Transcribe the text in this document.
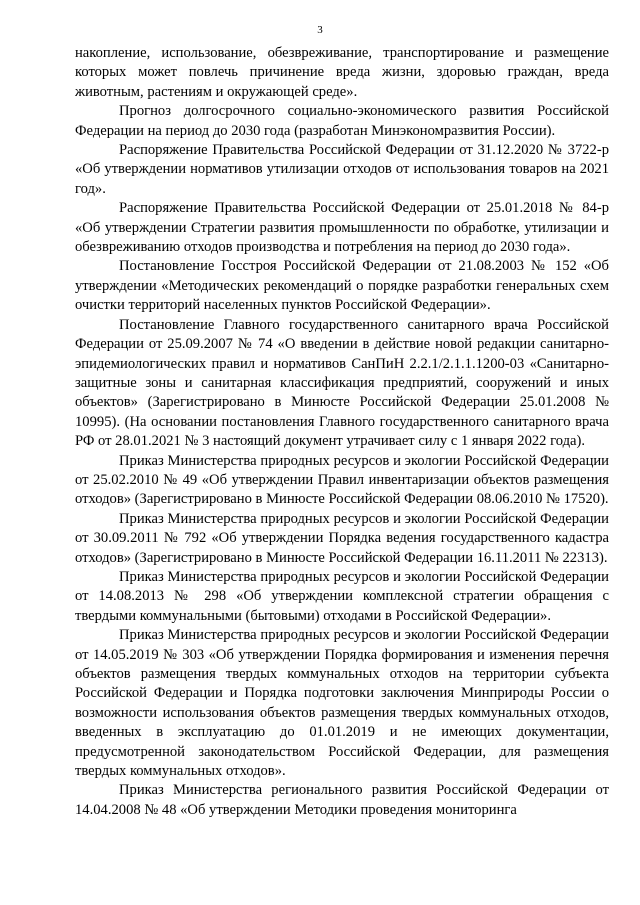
3

накопление, использование, обезвреживание, транспортирование и размещение которых может повлечь причинение вреда жизни, здоровью граждан, вреда животным, растениям и окружающей среде».

Прогноз долгосрочного социально-экономического развития Российской Федерации на период до 2030 года (разработан Минэкономразвития России).

Распоряжение Правительства Российской Федерации от 31.12.2020 № 3722-р «Об утверждении нормативов утилизации отходов от использования товаров на 2021 год».

Распоряжение Правительства Российской Федерации от 25.01.2018 № 84-р «Об утверждении Стратегии развития промышленности по обработке, утилизации и обезвреживанию отходов производства и потребления на период до 2030 года».

Постановление Госстроя Российской Федерации от 21.08.2003 № 152 «Об утверждении «Методических рекомендаций о порядке разработки генеральных схем очистки территорий населенных пунктов Российской Федерации».

Постановление Главного государственного санитарного врача Российской Федерации от 25.09.2007 № 74 «О введении в действие новой редакции санитарно-эпидемиологических правил и нормативов СанПиН 2.2.1/2.1.1.1200-03 «Санитарно-защитные зоны и санитарная классификация предприятий, сооружений и иных объектов» (Зарегистрировано в Минюсте Российской Федерации 25.01.2008 № 10995). (На основании постановления Главного государственного санитарного врача РФ от 28.01.2021 № 3 настоящий документ утрачивает силу с 1 января 2022 года).

Приказ Министерства природных ресурсов и экологии Российской Федерации от 25.02.2010 № 49 «Об утверждении Правил инвентаризации объектов размещения отходов» (Зарегистрировано в Минюсте Российской Федерации 08.06.2010 № 17520).

Приказ Министерства природных ресурсов и экологии Российской Федерации от 30.09.2011 № 792 «Об утверждении Порядка ведения государственного кадастра отходов» (Зарегистрировано в Минюсте Российской Федерации 16.11.2011 № 22313).

Приказ Министерства природных ресурсов и экологии Российской Федерации от 14.08.2013 № 298 «Об утверждении комплексной стратегии обращения с твердыми коммунальными (бытовыми) отходами в Российской Федерации».

Приказ Министерства природных ресурсов и экологии Российской Федерации от 14.05.2019 № 303 «Об утверждении Порядка формирования и изменения перечня объектов размещения твердых коммунальных отходов на территории субъекта Российской Федерации и Порядка подготовки заключения Минприроды России о возможности использования объектов размещения твердых коммунальных отходов, введенных в эксплуатацию до 01.01.2019 и не имеющих документации, предусмотренной законодательством Российской Федерации, для размещения твердых коммунальных отходов».

Приказ Министерства регионального развития Российской Федерации от 14.04.2008 № 48 «Об утверждении Методики проведения мониторинга
